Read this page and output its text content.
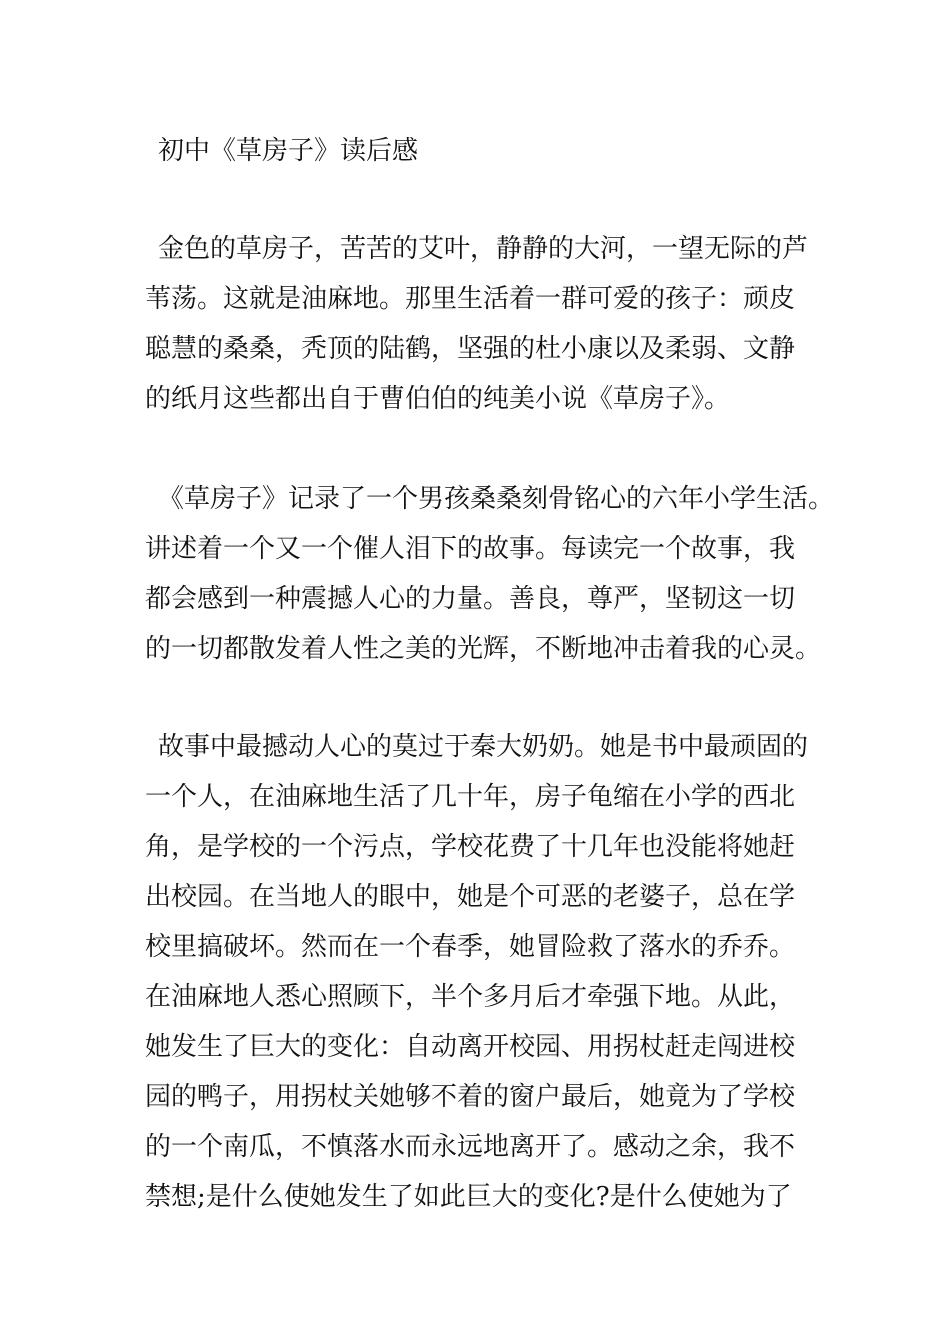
初中《草房子》读后感

金色的草房子，苦苦的艾叶，静静的大河，一望无际的芦
苇荡。这就是油麻地。那里生活着一群可爱的孩子：顽皮
聪慧的桑桑，秃顶的陆鹤，坚强的杜小康以及柔弱、文静
的纸月这些都出自于曹伯伯的纯美小说《草房子》。

《草房子》记录了一个男孩桑桑刻骨铭心的六年小学生活。
讲述着一个又一个催人泪下的故事。每读完一个故事，我
都会感到一种震撼人心的力量。善良，尊严，坚韧这一切
的一切都散发着人性之美的光辉，不断地冲击着我的心灵。

故事中最撼动人心的莫过于秦大奶奶。她是书中最顽固的
一个人，在油麻地生活了几十年，房子龟缩在小学的西北
角，是学校的一个污点，学校花费了十几年也没能将她赶
出校园。在当地人的眼中，她是个可恶的老婆子，总在学
校里搞破坏。然而在一个春季，她冒险救了落水的乔乔。
在油麻地人悉心照顾下，半个多月后才牵强下地。从此，
她发生了巨大的变化：自动离开校园、用拐杖赶走闯进校
园的鸭子，用拐杖关她够不着的窗户最后，她竟为了学校
的一个南瓜，不慎落水而永远地离开了。感动之余，我不
禁想;是什么使她发生了如此巨大的变化?是什么使她为了
